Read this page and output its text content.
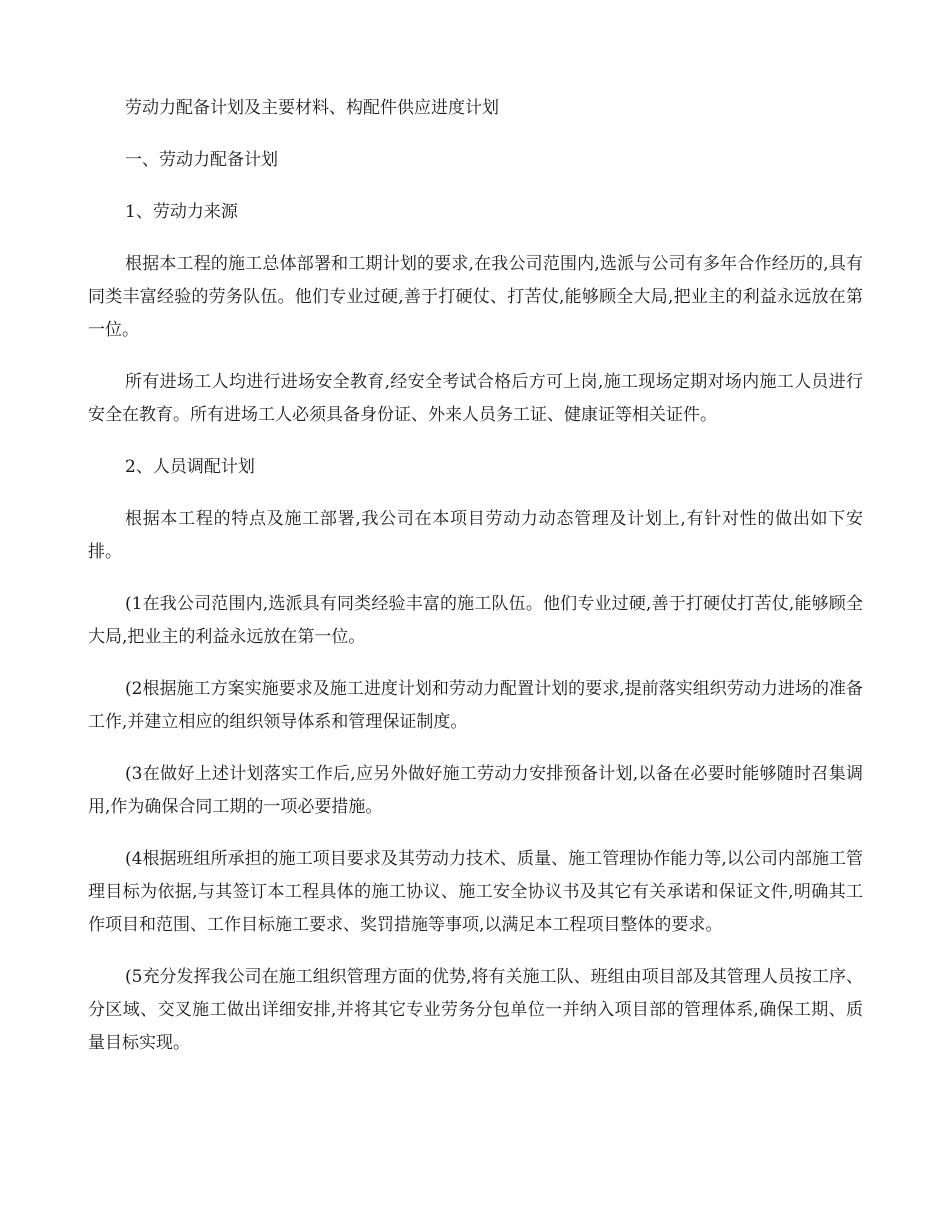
劳动力配备计划及主要材料、构配件供应进度计划

一、劳动力配备计划

1、劳动力来源

根据本工程的施工总体部署和工期计划的要求,在我公司范围内,选派与公司有多年合作经历的,具有同类丰富经验的劳务队伍。他们专业过硬,善于打硬仗、打苦仗,能够顾全大局,把业主的利益永远放在第一位。

所有进场工人均进行进场安全教育,经安全考试合格后方可上岗,施工现场定期对场内施工人员进行安全在教育。所有进场工人必须具备身份证、外来人员务工证、健康证等相关证件。

2、人员调配计划

根据本工程的特点及施工部署,我公司在本项目劳动力动态管理及计划上,有针对性的做出如下安排。

(1在我公司范围内,选派具有同类经验丰富的施工队伍。他们专业过硬,善于打硬仗打苦仗,能够顾全大局,把业主的利益永远放在第一位。

(2根据施工方案实施要求及施工进度计划和劳动力配置计划的要求,提前落实组织劳动力进场的准备工作,并建立相应的组织领导体系和管理保证制度。

(3在做好上述计划落实工作后,应另外做好施工劳动力安排预备计划,以备在必要时能够随时召集调用,作为确保合同工期的一项必要措施。

(4根据班组所承担的施工项目要求及其劳动力技术、质量、施工管理协作能力等,以公司内部施工管理目标为依据,与其签订本工程具体的施工协议、施工安全协议书及其它有关承诺和保证文件,明确其工作项目和范围、工作目标施工要求、奖罚措施等事项,以满足本工程项目整体的要求。

(5充分发挥我公司在施工组织管理方面的优势,将有关施工队、班组由项目部及其管理人员按工序、分区域、交叉施工做出详细安排,并将其它专业劳务分包单位一并纳入项目部的管理体系,确保工期、质量目标实现。
